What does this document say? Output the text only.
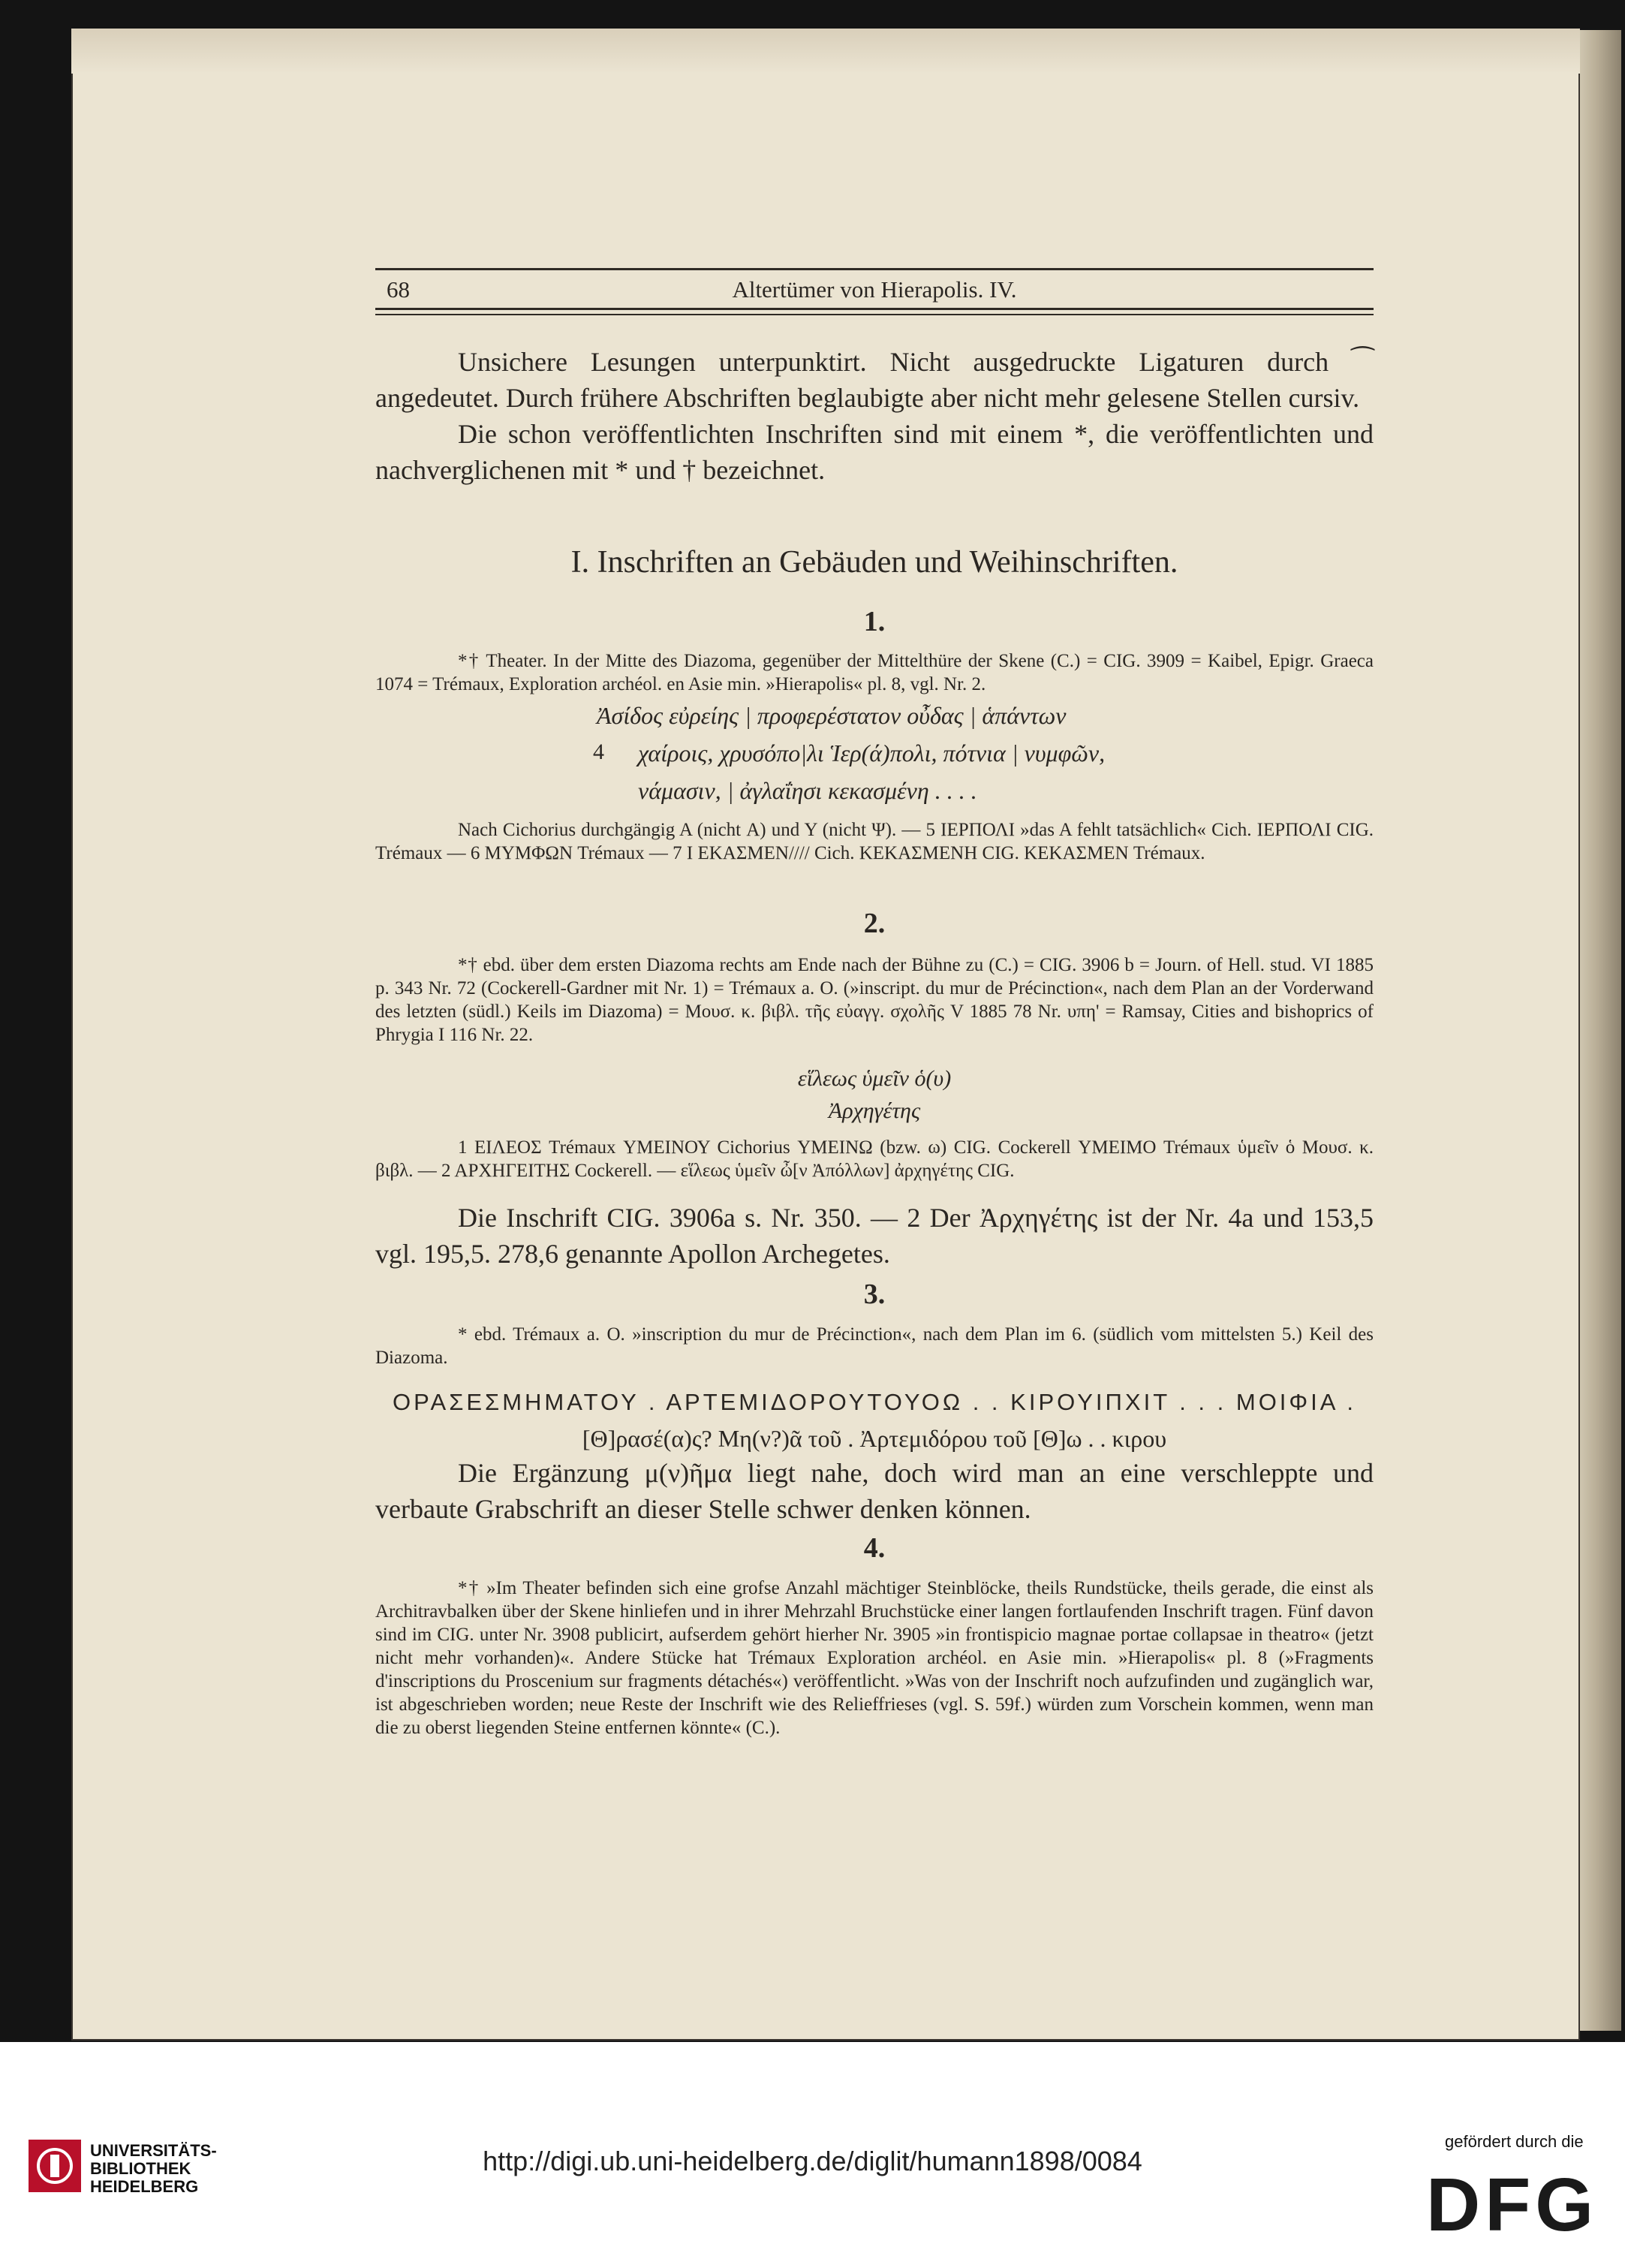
68	Altertümer von Hierapolis. IV.

Unsichere Lesungen unterpunktirt. Nicht ausgedruckte Ligaturen durch ⁀ angedeutet. Durch frühere Abschriften beglaubigte aber nicht mehr gelesene Stellen cursiv.

Die schon veröffentlichten Inschriften sind mit einem *, die veröffentlichten und nachverglichenen mit * und † bezeichnet.

I. Inschriften an Gebäuden und Weihinschriften.
1.

*† Theater. In der Mitte des Diazoma, gegenüber der Mittelthüre der Skene (C.) = CIG. 3909 = Kaibel, Epigr. Graeca 1074 = Trémaux, Exploration archéol. en Asie min. »Hierapolis« pl. 8, vgl. Nr. 2.

Ἀσίδος εὐρείης | προφερέστατον οὖδας | ἁπάντων
4 χαίροις, χρυσόπο|λι Ἱερ(ά)πολι, πότνια | νυμφῶν,
νάμασιν, | ἀγλαΐησι κεκασμένη . . . .

Nach Cichorius durchgängig A (nicht Α) und Y (nicht Ψ). — 5 ΙΕΡΠΟΛΙ »das A fehlt tatsächlich« Cich. ΙΕΡΠΟΛΙ CIG. Trémaux — 6 ΜΥΜΦΩΝ Trémaux — 7 Ι ΕΚΑΣΜΕΝ//// Cich. ΚΕΚΑΣΜΕΝΗ CIG. ΚΕΚΑΣΜΕΝ Trémaux.

2.

*† ebd. über dem ersten Diazoma rechts am Ende nach der Bühne zu (C.) = CIG. 3906 b = Journ. of Hell. stud. VI 1885 p. 343 Nr. 72 (Cockerell-Gardner mit Nr. 1) = Trémaux a. O. (»inscript. du mur de Précinction«, nach dem Plan an der Vorderwand des letzten (südl.) Keils im Diazoma) = Μουσ. κ. βιβλ. τῆς εὐαγγ. σχολῆς V 1885 78 Nr. υπη' = Ramsay, Cities and bishoprics of Phrygia I 116 Nr. 22.

εἵλεως ὑμεῖν ὁ(υ)
Ἀρχηγέτης

1 ΕΙΛΕΟΣ Trémaux ΥΜΕΙΝΟΥ Cichorius ΥΜΕΙΝΩ (bzw. ω) CIG. Cockerell ΥΜΕΙΜΟ Trémaux ὑμεῖν ὁ Μουσ. κ. βιβλ. — 2 ΑΡΧΗΓΕΙΤΗΣ Cockerell. — εἵλεως ὑμεῖν ὦ[ν Ἀπόλλων] ἀρχηγέτης CIG.

Die Inschrift CIG. 3906a s. Nr. 350. — 2 Der Ἀρχηγέτης ist der Nr. 4a und 153,5 vgl. 195,5. 278,6 genannte Apollon Archegetes.

3.

* ebd. Trémaux a. O. »inscription du mur de Précinction«, nach dem Plan im 6. (südlich vom mittelsten 5.) Keil des Diazoma.

ΟΡΑΣΕΣΜΗΜΑΤΟΥ . ΑΡΤΕΜΙΔΟΡΟΥΤΟΥΟΩ . . ΚΙΡΟΥΙΠΧΙΤ . . . ΜΟΙΦΙΑ .
[Θ]ρασέ(α)ς? Μη(ν?)ᾶ τοῦ . Ἀρτεμιδόρου τοῦ [Θ]ω . . κιρου

Die Ergänzung μ(ν)ῆμα liegt nahe, doch wird man an eine verschleppte und verbaute Grabschrift an dieser Stelle schwer denken können.

4.

*† »Im Theater befinden sich eine grofse Anzahl mächtiger Steinblöcke, theils Rundstücke, theils gerade, die einst als Architravbalken über der Skene hinliefen und in ihrer Mehrzahl Bruchstücke einer langen fortlaufenden Inschrift tragen. Fünf davon sind im CIG. unter Nr. 3908 publicirt, aufserdem gehört hierher Nr. 3905 »in frontispicio magnae portae collapsae in theatro« (jetzt nicht mehr vorhanden)«. Andere Stücke hat Trémaux Exploration archéol. en Asie min. »Hierapolis« pl. 8 (»Fragments d'inscriptions du Proscenium sur fragments détachés«) veröffentlicht. »Was von der Inschrift noch aufzufinden und zugänglich war, ist abgeschrieben worden; neue Reste der Inschrift wie des Relieffrieses (vgl. S. 59f.) würden zum Vorschein kommen, wenn man die zu oberst liegenden Steine entfernen könnte« (C.).

UNIVERSITÄTS-
BIBLIOTHEK
HEIDELBERG
http://digi.ub.uni-heidelberg.de/diglit/humann1898/0084
gefördert durch die
DFG
